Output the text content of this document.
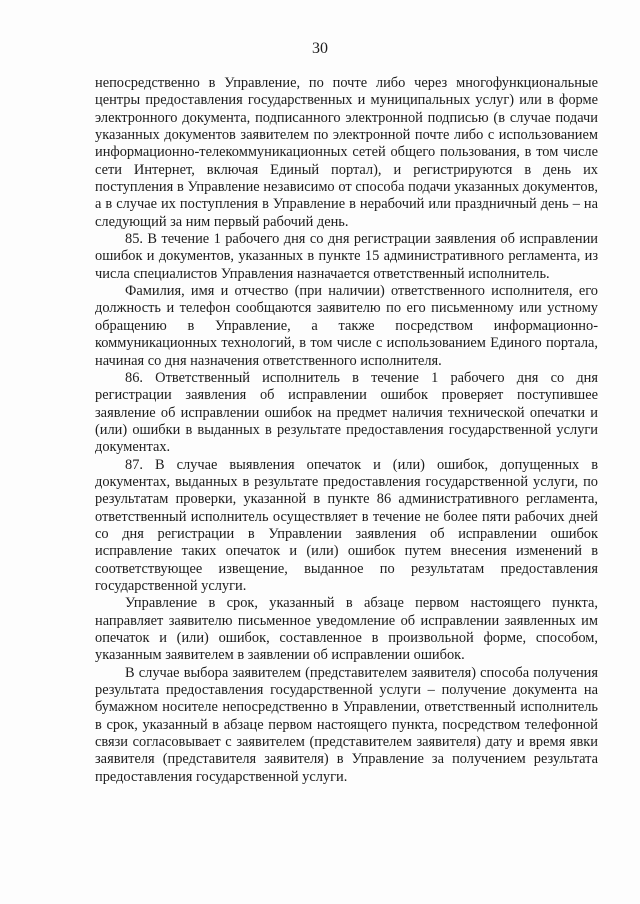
30

непосредственно в Управление, по почте либо через многофункциональные центры предоставления государственных и муниципальных услуг) или в форме электронного документа, подписанного электронной подписью (в случае подачи указанных документов заявителем по электронной почте либо с использованием информационно-телекоммуникационных сетей общего пользования, в том числе сети Интернет, включая Единый портал), и регистрируются в день их поступления в Управление независимо от способа подачи указанных документов, а в случае их поступления в Управление в нерабочий или праздничный день – на следующий за ним первый рабочий день.

85. В течение 1 рабочего дня со дня регистрации заявления об исправлении ошибок и документов, указанных в пункте 15 административного регламента, из числа специалистов Управления назначается ответственный исполнитель.

Фамилия, имя и отчество (при наличии) ответственного исполнителя, его должность и телефон сообщаются заявителю по его письменному или устному обращению в Управление, а также посредством информационно-коммуникационных технологий, в том числе с использованием Единого портала, начиная со дня назначения ответственного исполнителя.

86. Ответственный исполнитель в течение 1 рабочего дня со дня регистрации заявления об исправлении ошибок проверяет поступившее заявление об исправлении ошибок на предмет наличия технической опечатки и (или) ошибки в выданных в результате предоставления государственной услуги документах.

87. В случае выявления опечаток и (или) ошибок, допущенных в документах, выданных в результате предоставления государственной услуги, по результатам проверки, указанной в пункте 86 административного регламента, ответственный исполнитель осуществляет в течение не более пяти рабочих дней со дня регистрации в Управлении заявления об исправлении ошибок исправление таких опечаток и (или) ошибок путем внесения изменений в соответствующее извещение, выданное по результатам предоставления государственной услуги.

Управление в срок, указанный в абзаце первом настоящего пункта, направляет заявителю письменное уведомление об исправлении заявленных им опечаток и (или) ошибок, составленное в произвольной форме, способом, указанным заявителем в заявлении об исправлении ошибок.

В случае выбора заявителем (представителем заявителя) способа получения результата предоставления государственной услуги – получение документа на бумажном носителе непосредственно в Управлении, ответственный исполнитель в срок, указанный в абзаце первом настоящего пункта, посредством телефонной связи согласовывает с заявителем (представителем заявителя) дату и время явки заявителя (представителя заявителя) в Управление за получением результата предоставления государственной услуги.
